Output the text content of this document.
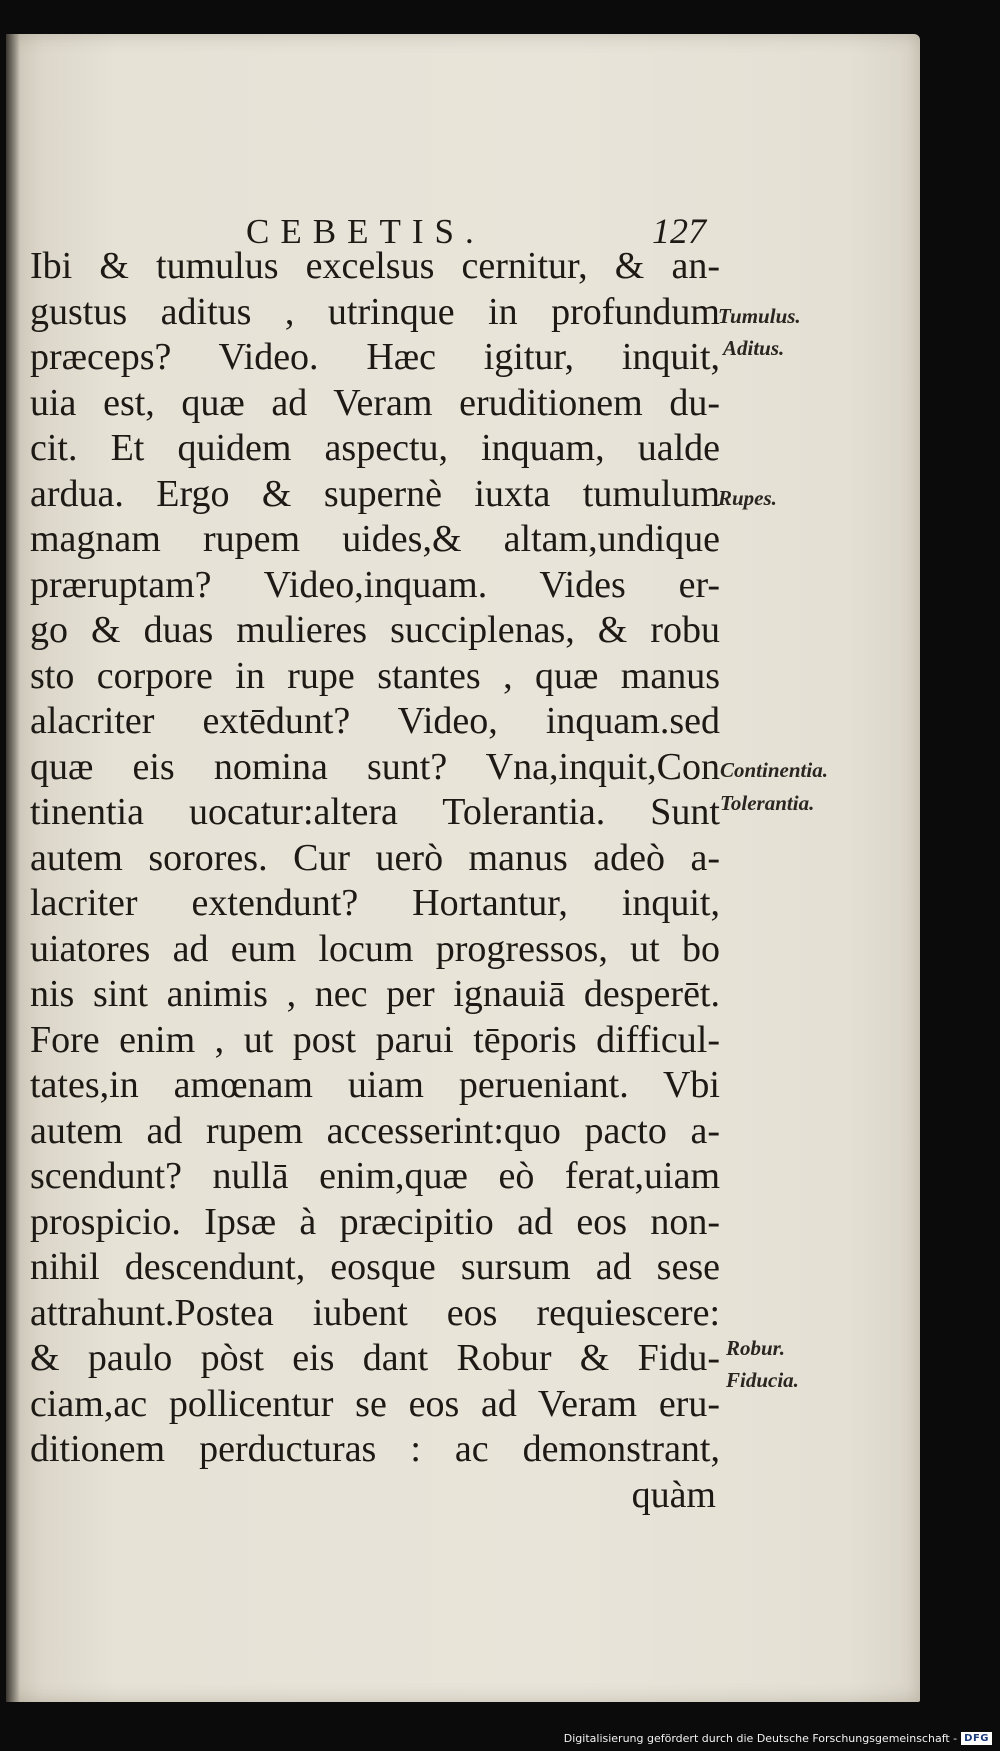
CEBETIS.	127
Ibi & tumulus excelsus cernitur, & an-
gustus aditus , utrinque in profundum
præceps? Video. Hæc igitur, inquit,
uia est, quæ ad Veram eruditionem du-
cit. Et quidem aspectu, inquam, ualde
ardua. Ergo & supernè iuxta tumulum
magnam rupem uides,& altam,undique
præruptam? Video,inquam. Vides er-
go & duas mulieres succiplenas, & robu
sto corpore in rupe stantes , quæ manus
alacriter extēdunt? Video, inquam.sed
quæ eis nomina sunt? Vna,inquit,Con
tinentia uocatur:altera Tolerantia. Sunt
autem sorores. Cur uerò manus adeò a-
lacriter extendunt? Hortantur, inquit,
uiatores ad eum locum progressos, ut bo
nis sint animis , nec per ignauiā desperēt.
Fore enim , ut post parui tēporis difficul-
tates,in amœnam uiam perueniant. Vbi
autem ad rupem accesserint:quo pacto a-
scendunt? nullā enim,quæ eò ferat,uiam
prospicio. Ipsæ à præcipitio ad eos non-
nihil descendunt, eosque sursum ad sese
attrahunt.Postea iubent eos requiescere:
& paulo pòst eis dant Robur & Fidu-
ciam,ac pollicentur se eos ad Veram eru-
ditionem perducturas : ac demonstrant,
quàm
Tumulus.
Aditus.
Rupes.
Continentia.
Tolerantia.
Robur.
Fiducia.
Digitalisierung gefördert durch die Deutsche Forschungsgemeinschaft - DFG
